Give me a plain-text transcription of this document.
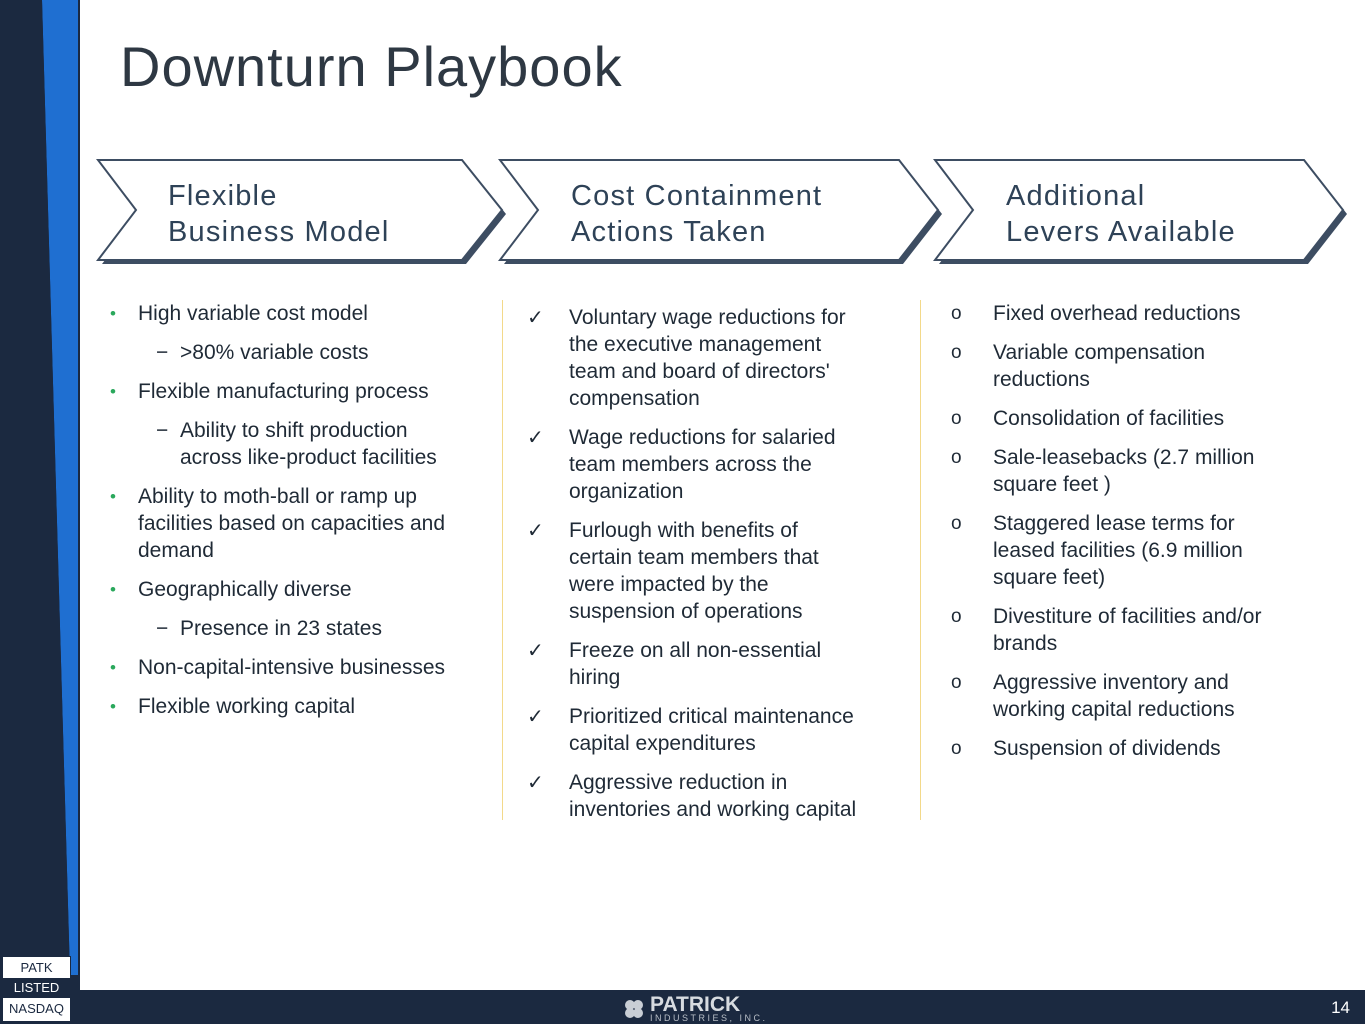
Downturn Playbook
Flexible
Business Model
Cost Containment
Actions Taken
Additional
Levers Available
• High variable cost model
− >80% variable costs
• Flexible manufacturing process
− Ability to shift production across like-product facilities
• Ability to moth-ball or ramp up facilities based on capacities and demand
• Geographically diverse
− Presence in 23 states
• Non-capital-intensive businesses
• Flexible working capital
✓ Voluntary wage reductions for the executive management team and board of directors' compensation
✓ Wage reductions for salaried team members across the organization
✓ Furlough with benefits of certain team members that were impacted by the suspension of operations
✓ Freeze on all non-essential hiring
✓ Prioritized critical maintenance capital expenditures
✓ Aggressive reduction in inventories and working capital
o Fixed overhead reductions
o Variable compensation reductions
o Consolidation of facilities
o Sale-leasebacks (2.7 million square feet )
o Staggered lease terms for leased facilities (6.9 million square feet)
o Divestiture of facilities and/or brands
o Aggressive inventory and working capital reductions
o Suspension of dividends
PATRICK
INDUSTRIES, INC.
14
PATK
LISTED
NASDAQ
